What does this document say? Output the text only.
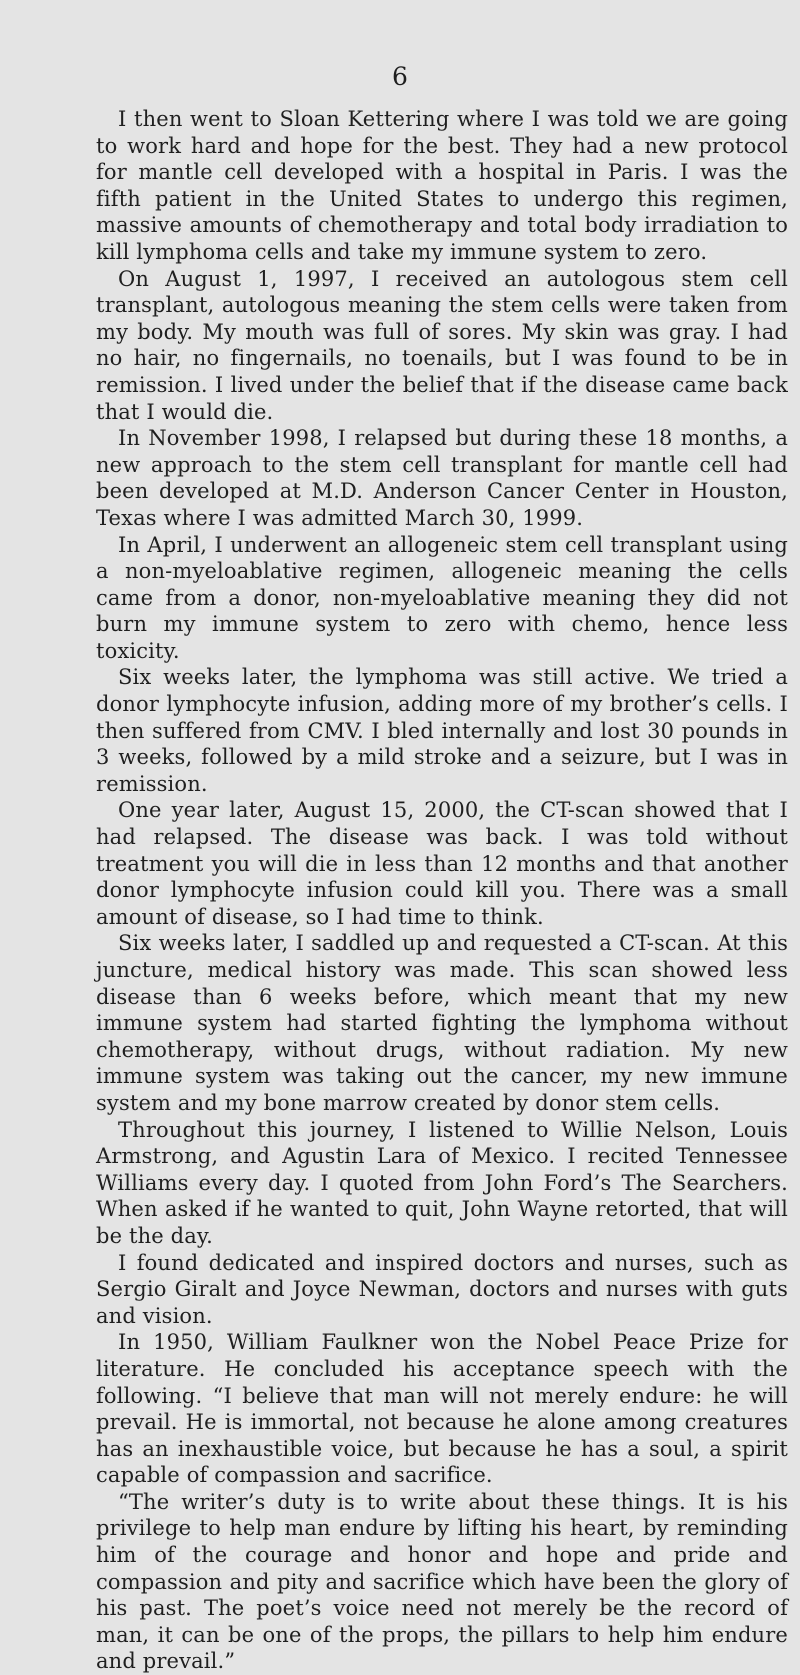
6

I then went to Sloan Kettering where I was told we are going to work hard and hope for the best. They had a new protocol for mantle cell developed with a hospital in Paris. I was the fifth patient in the United States to undergo this regimen, massive amounts of chemotherapy and total body irradiation to kill lymphoma cells and take my immune system to zero.

On August 1, 1997, I received an autologous stem cell transplant, autologous meaning the stem cells were taken from my body. My mouth was full of sores. My skin was gray. I had no hair, no fingernails, no toenails, but I was found to be in remission. I lived under the belief that if the disease came back that I would die.

In November 1998, I relapsed but during these 18 months, a new approach to the stem cell transplant for mantle cell had been developed at M.D. Anderson Cancer Center in Houston, Texas where I was admitted March 30, 1999.

In April, I underwent an allogeneic stem cell transplant using a non-myeloablative regimen, allogeneic meaning the cells came from a donor, non-myeloablative meaning they did not burn my immune system to zero with chemo, hence less toxicity.

Six weeks later, the lymphoma was still active. We tried a donor lymphocyte infusion, adding more of my brother’s cells. I then suffered from CMV. I bled internally and lost 30 pounds in 3 weeks, followed by a mild stroke and a seizure, but I was in remission.

One year later, August 15, 2000, the CT-scan showed that I had relapsed. The disease was back. I was told without treatment you will die in less than 12 months and that another donor lymphocyte infusion could kill you. There was a small amount of disease, so I had time to think.

Six weeks later, I saddled up and requested a CT-scan. At this juncture, medical history was made. This scan showed less disease than 6 weeks before, which meant that my new immune system had started fighting the lymphoma without chemotherapy, without drugs, without radiation. My new immune system was taking out the cancer, my new immune system and my bone marrow created by donor stem cells.

Throughout this journey, I listened to Willie Nelson, Louis Armstrong, and Agustin Lara of Mexico. I recited Tennessee Williams every day. I quoted from John Ford’s The Searchers. When asked if he wanted to quit, John Wayne retorted, that will be the day.

I found dedicated and inspired doctors and nurses, such as Sergio Giralt and Joyce Newman, doctors and nurses with guts and vision.

In 1950, William Faulkner won the Nobel Peace Prize for literature. He concluded his acceptance speech with the following. “I believe that man will not merely endure: he will prevail. He is immortal, not because he alone among creatures has an inexhaustible voice, but because he has a soul, a spirit capable of compassion and sacrifice.

“The writer’s duty is to write about these things. It is his privilege to help man endure by lifting his heart, by reminding him of the courage and honor and hope and pride and compassion and pity and sacrifice which have been the glory of his past. The poet’s voice need not merely be the record of man, it can be one of the props, the pillars to help him endure and prevail.”
